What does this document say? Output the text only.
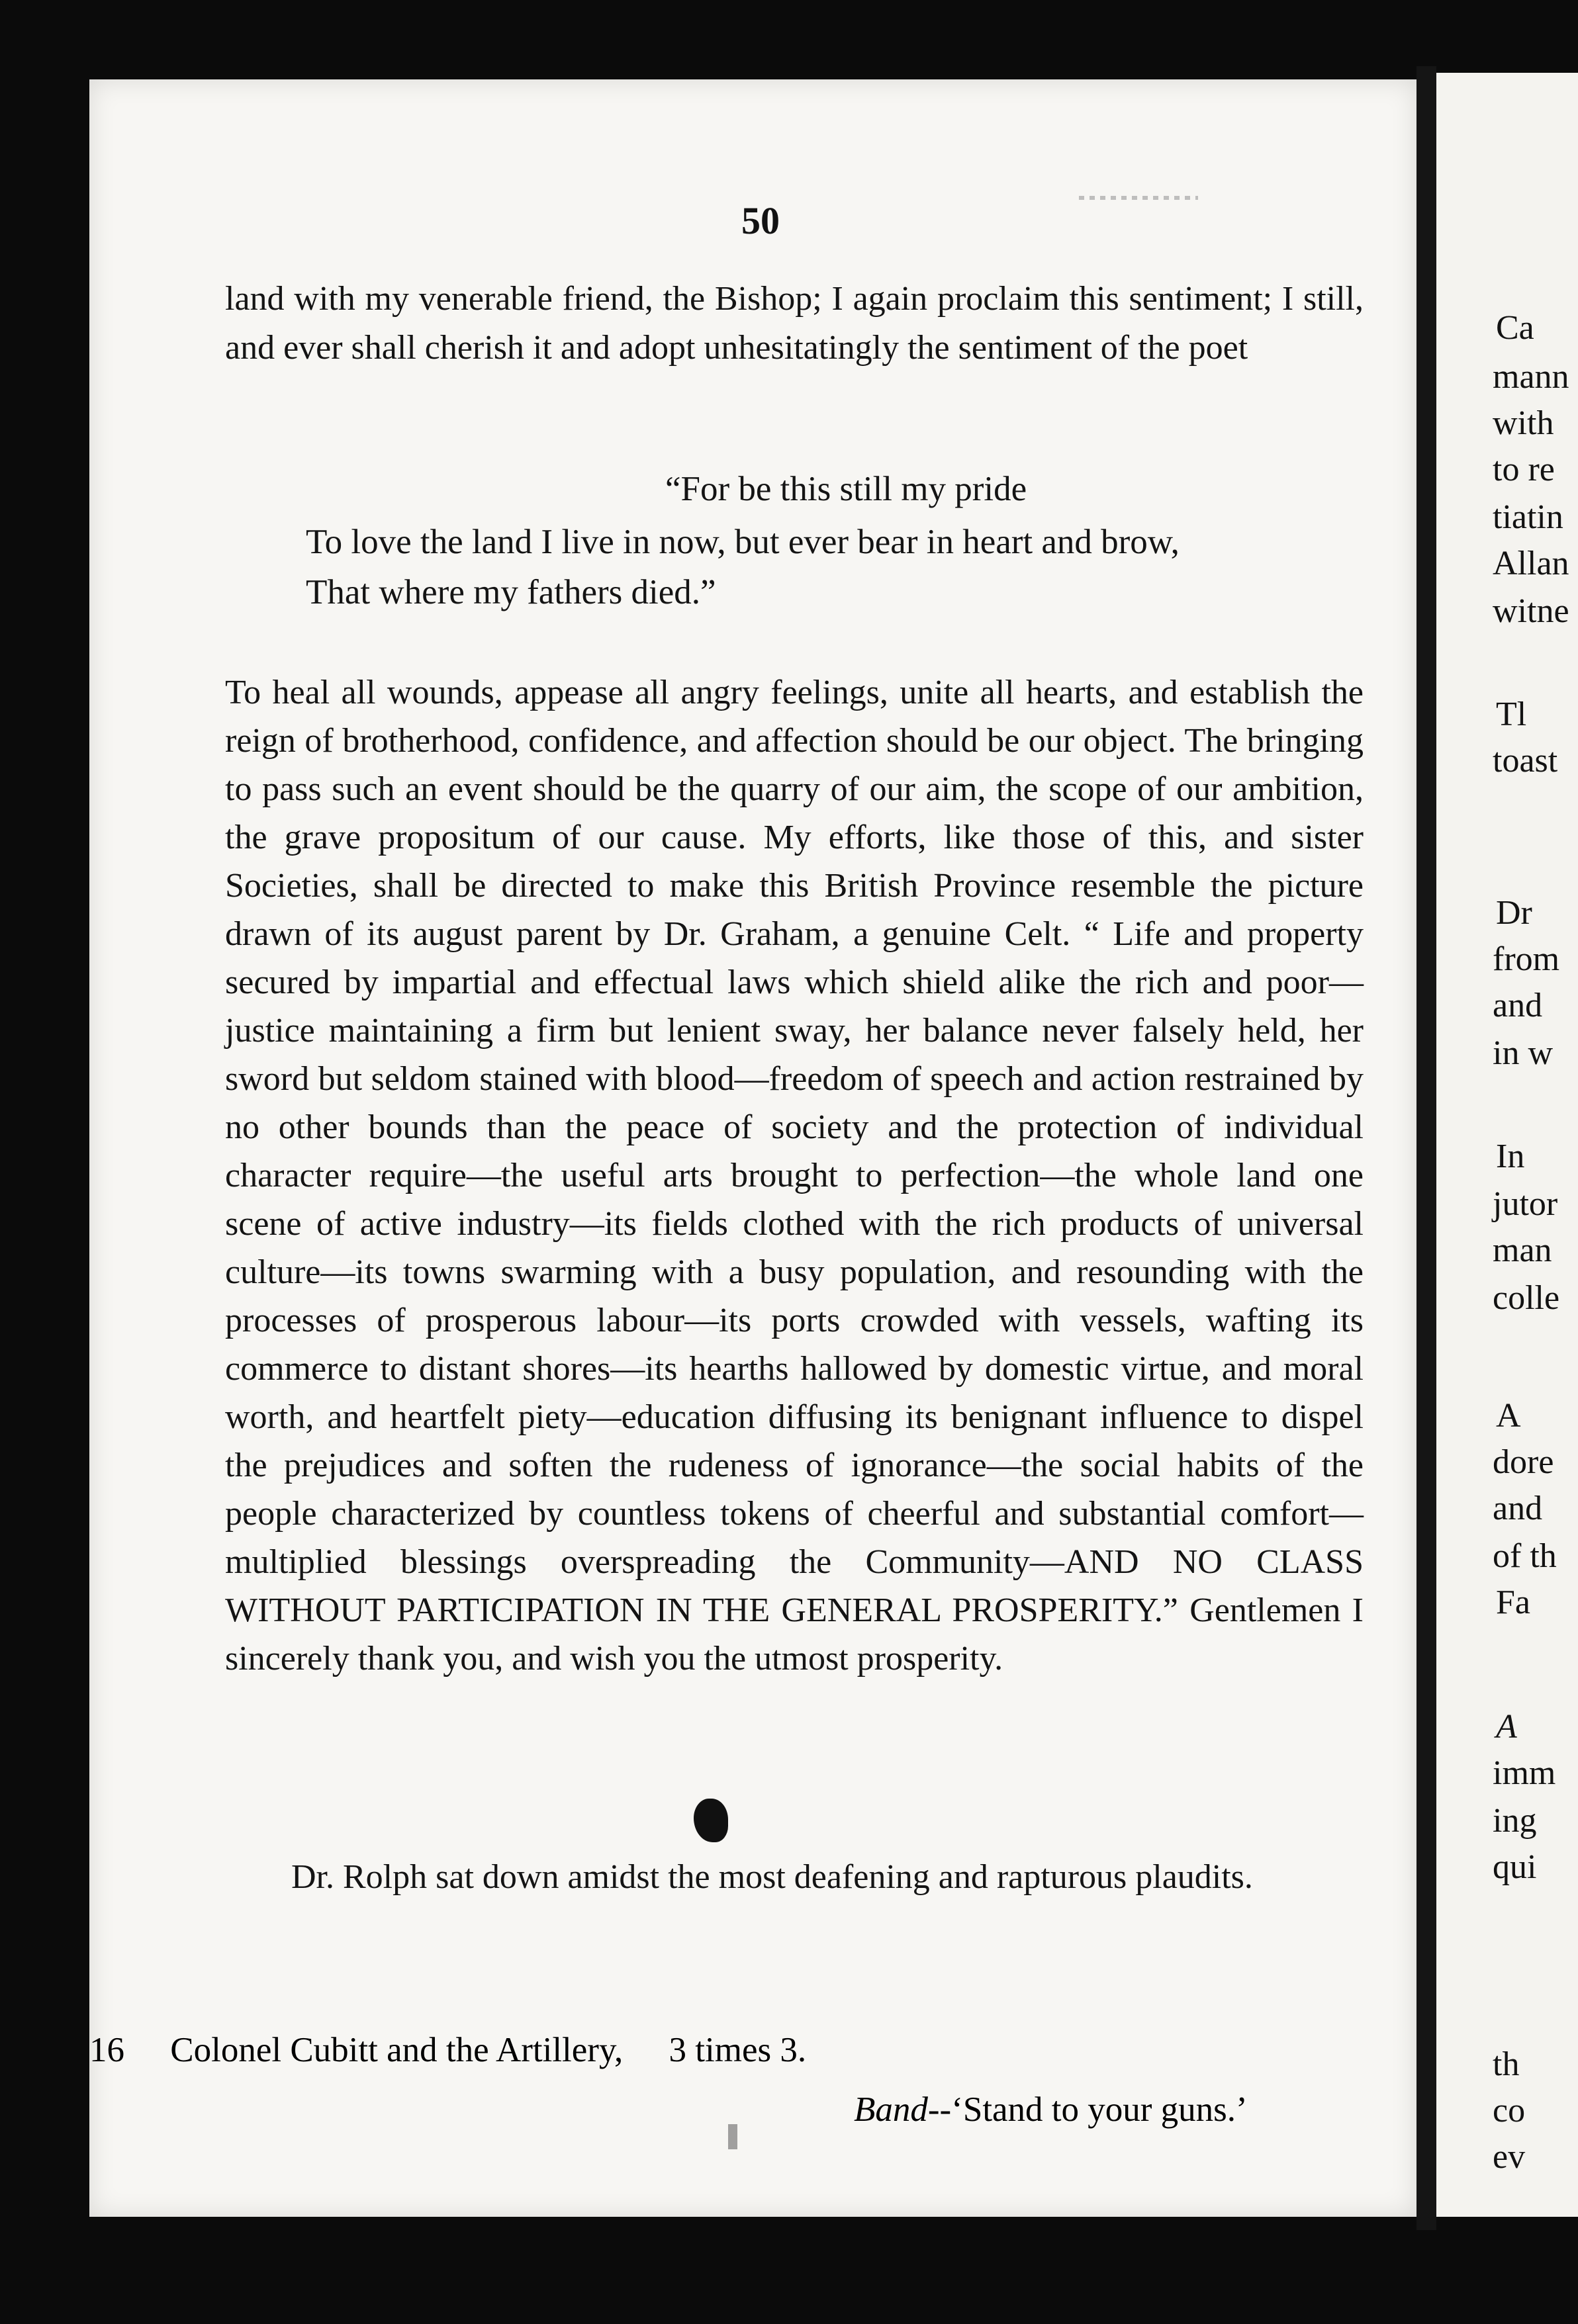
Ca
mann
with
to re
tiatin
Allan
witne
Tl
toast
Dr
from
and
in w
In
jutor
man
colle
A
dore
and
of th
Fa
A
imm
ing
qui
th
co
ev
50

land with my venerable friend, the Bishop; I again proclaim this sentiment; I still, and ever shall cherish it and adopt unhesitatingly the sentiment of the poet

“For be this still my pride

To love the land I live in now, but ever bear in heart and brow,

That where my fathers died.”

To heal all wounds, appease all angry feelings, unite all hearts, and establish the reign of brotherhood, confidence, and affection should be our object. The bringing to pass such an event should be the quarry of our aim, the scope of our ambition, the grave propositum of our cause. My efforts, like those of this, and sister Societies, shall be directed to make this British Province resemble the picture drawn of its august parent by Dr. Graham, a genuine Celt. “ Life and property secured by impartial and effectual laws which shield alike the rich and poor—justice maintaining a firm but lenient sway, her balance never falsely held, her sword but seldom stained with blood—freedom of speech and action restrained by no other bounds than the peace of society and the protection of individual character require—the useful arts brought to perfection—the whole land one scene of active industry—its fields clothed with the rich products of universal culture—its towns swarming with a busy population, and resounding with the processes of prosperous labour—its ports crowded with vessels, wafting its commerce to distant shores—its hearths hallowed by domestic virtue, and moral worth, and heartfelt piety—education diffusing its benignant influence to dispel the prejudices and soften the rudeness of ignorance—the social habits of the people characterized by countless tokens of cheerful and substantial comfort—multiplied blessings overspreading the Community—AND NO CLASS WITHOUT PARTICIPATION IN THE GENERAL PROSPERITY.” Gentlemen I sincerely thank you, and wish you the utmost prosperity.

Dr. Rolph sat down amidst the most deafening and rapturous plaudits.

16 Colonel Cubitt and the Artillery, 3 times 3.
Band--‘Stand to your guns.’
